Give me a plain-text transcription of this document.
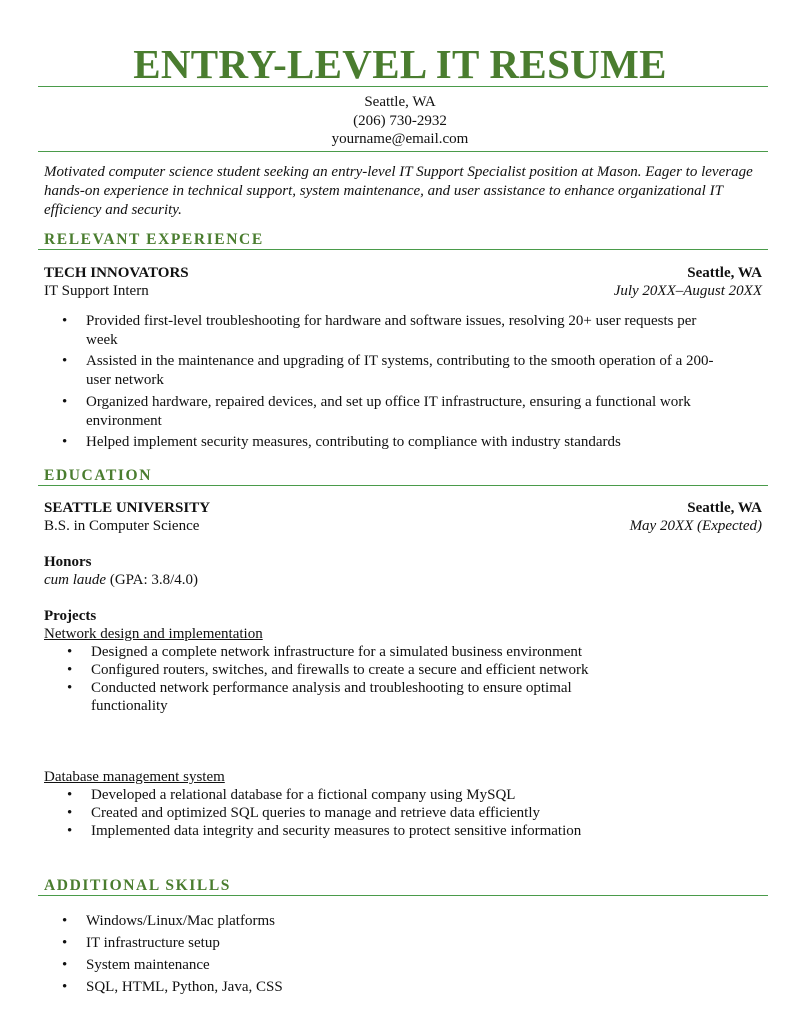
ENTRY-LEVEL IT RESUME
Seattle, WA
(206) 730-2932
yourname@email.com
Motivated computer science student seeking an entry-level IT Support Specialist position at Mason. Eager to leverage hands-on experience in technical support, system maintenance, and user assistance to enhance organizational IT efficiency and security.
RELEVANT EXPERIENCE
TECH INNOVATORS	Seattle, WA
IT Support Intern	July 20XX–August 20XX
• Provided first-level troubleshooting for hardware and software issues, resolving 20+ user requests per week
• Assisted in the maintenance and upgrading of IT systems, contributing to the smooth operation of a 200-user network
• Organized hardware, repaired devices, and set up office IT infrastructure, ensuring a functional work environment
• Helped implement security measures, contributing to compliance with industry standards
EDUCATION
SEATTLE UNIVERSITY	Seattle, WA
B.S. in Computer Science	May 20XX (Expected)
Honors
cum laude (GPA: 3.8/4.0)
Projects
Network design and implementation
• Designed a complete network infrastructure for a simulated business environment
• Configured routers, switches, and firewalls to create a secure and efficient network
• Conducted network performance analysis and troubleshooting to ensure optimal functionality
Database management system
• Developed a relational database for a fictional company using MySQL
• Created and optimized SQL queries to manage and retrieve data efficiently
• Implemented data integrity and security measures to protect sensitive information
ADDITIONAL SKILLS
• Windows/Linux/Mac platforms
• IT infrastructure setup
• System maintenance
• SQL, HTML, Python, Java, CSS
